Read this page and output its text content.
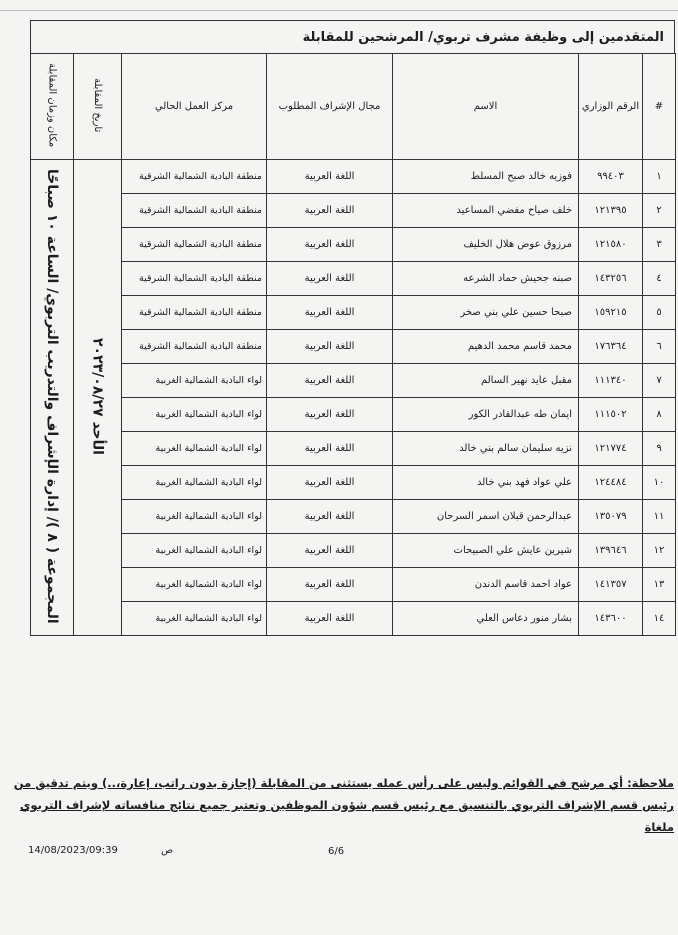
المتقدمين إلى وظيفة مشرف تربوي/ المرشحين للمقابلة
#	الرقم الوزاري	الاسم	مجال الإشراف المطلوب	مركز العمل الحالي	تاريخ المقابلة	مكان وزمان المقابلة
١	٩٩٤٠٣	فوزيه خالد صبح المسلط	اللغة العربية	منطقة البادية الشمالية الشرقية	الأحد ٢٠٢٣/٠٨/٢٧	المجموعة ( ٨ )/ إدارة الإشراف والتدريب التربوي/ الساعة ١٠ صباحًا
٢	١٢١٣٩٥	خلف صياح مفضي المساعيد	اللغة العربية	منطقة البادية الشمالية الشرقية		
٣	١٢١٥٨٠	مرزوق عوض هلال الخليف	اللغة العربية	منطقة البادية الشمالية الشرقية		
٤	١٤٣٢٥٦	صبنه جحيش حماد الشرعه	اللغة العربية	منطقة البادية الشمالية الشرقية		
٥	١٥٩٢١٥	صبحا حسين علي بني صخر	اللغة العربية	منطقة البادية الشمالية الشرقية		
٦	١٧٦٣٦٤	محمد قاسم محمد الدهيم	اللغة العربية	منطقة البادية الشمالية الشرقية		
٧	١١١٣٤٠	مقبل عايد نهير السالم	اللغة العربية	لواء البادية الشمالية الغربية		
٨	١١١٥٠٢	ايمان طه عبدالقادر الكور	اللغة العربية	لواء البادية الشمالية الغربية		
٩	١٢١٧٧٤	نزيه سليمان سالم بني خالد	اللغة العربية	لواء البادية الشمالية الغربية		
١٠	١٢٤٤٨٤	علي عواد فهد بني خالد	اللغة العربية	لواء البادية الشمالية الغربية		
١١	١٣٥٠٧٩	عبدالرحمن قبلان اسمر السرحان	اللغة العربية	لواء البادية الشمالية الغربية		
١٢	١٣٩٦٤٦	شيرين عايش علي الصبيحات	اللغة العربية	لواء البادية الشمالية الغربية		
١٣	١٤١٣٥٧	عواد احمد قاسم الدندن	اللغة العربية	لواء البادية الشمالية الغربية		
١٤	١٤٣٦٠٠	بشار منور دعاس العلي	اللغة العربية	لواء البادية الشمالية الغربية		
ملاحظة: أي مرشح في القوائم وليس على رأس عمله يستثنى من المقابلة (إجازة بدون راتب، إعارة،..) ويتم تدقيق من رئيس قسم الإشراف التربوي بالتنسيق مع رئيس قسم شؤون الموظفين وتعتبر جميع نتائج منافساته لإشراف التربوي ملغاة
14/08/2023/09:39	ص	6/6
